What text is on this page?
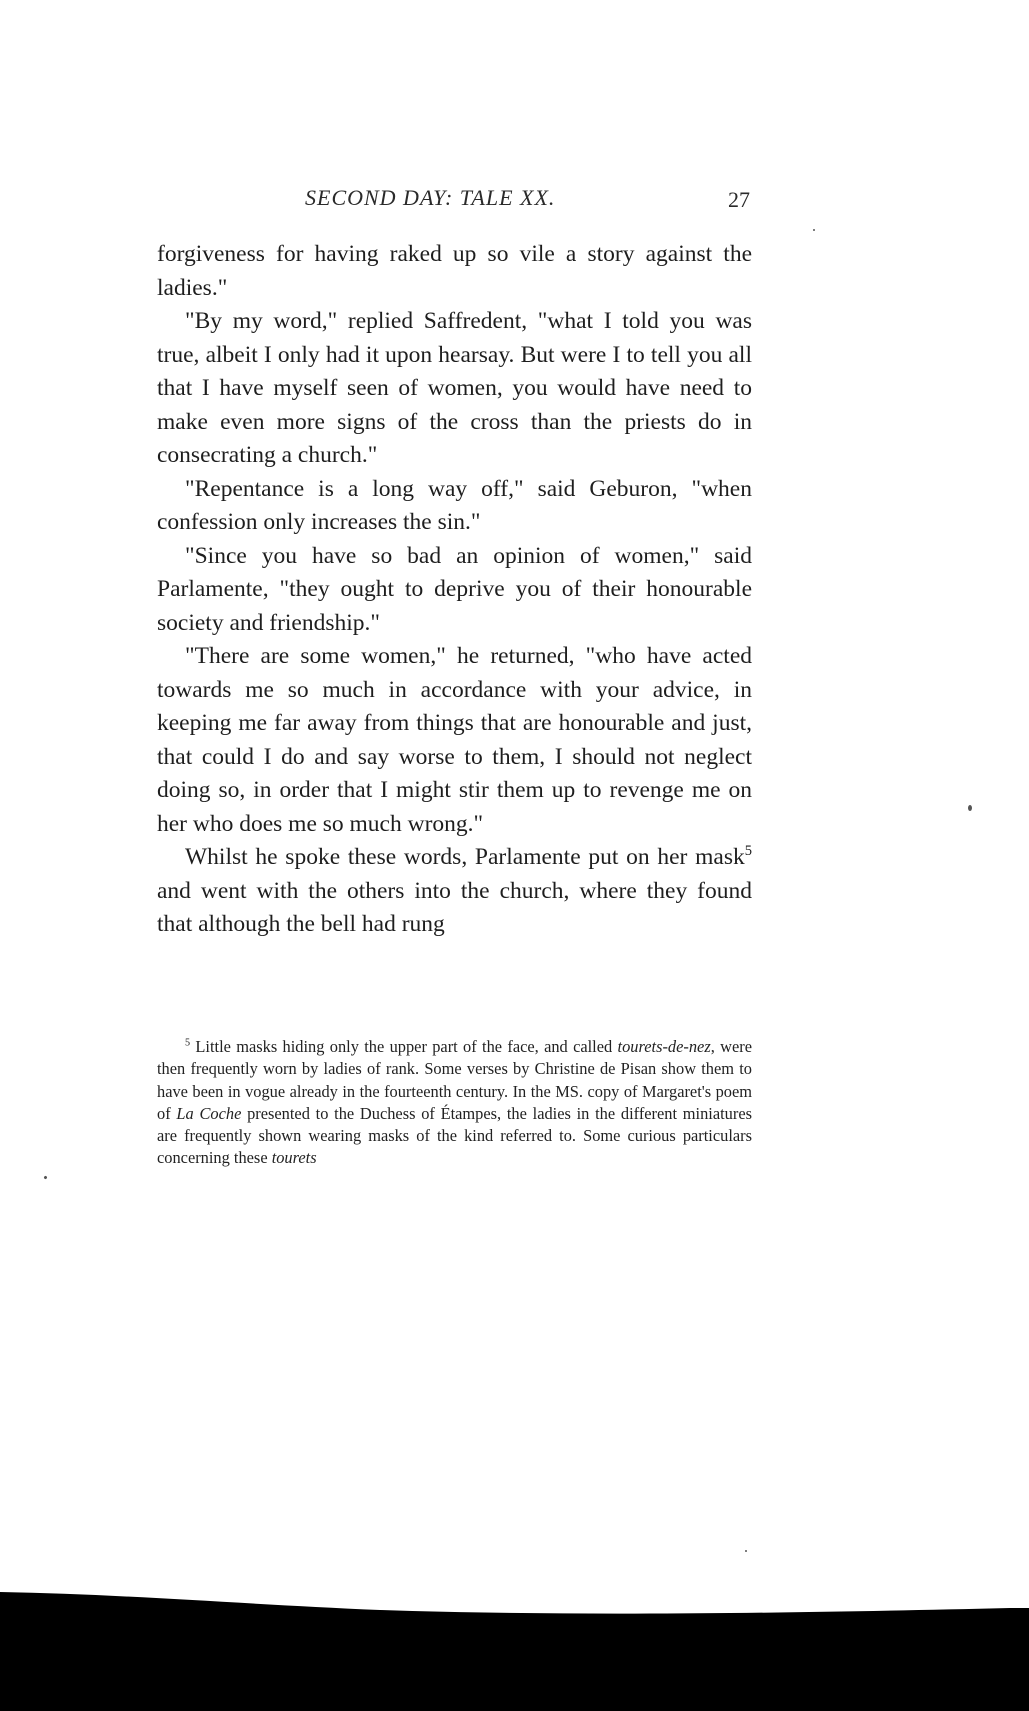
SECOND DAY: TALE XX.	27

forgiveness for having raked up so vile a story against the ladies."

"By my word," replied Saffredent, "what I told you was true, albeit I only had it upon hearsay. But were I to tell you all that I have myself seen of women, you would have need to make even more signs of the cross than the priests do in consecrating a church."

"Repentance is a long way off," said Geburon, "when confession only increases the sin."

"Since you have so bad an opinion of women," said Parlamente, "they ought to deprive you of their honourable society and friendship."

"There are some women," he returned, "who have acted towards me so much in accordance with your advice, in keeping me far away from things that are honourable and just, that could I do and say worse to them, I should not neglect doing so, in order that I might stir them up to revenge me on her who does me so much wrong."

Whilst he spoke these words, Parlamente put on her mask$^5$ and went with the others into the church, where they found that although the bell had rung

$^5$ Little masks hiding only the upper part of the face, and called tourets-de-nez, were then frequently worn by ladies of rank. Some verses by Christine de Pisan show them to have been in vogue already in the fourteenth century. In the MS. copy of Margaret's poem of La Coche presented to the Duchess of Étampes, the ladies in the different miniatures are frequently shown wearing masks of the kind referred to. Some curious particulars concerning these tourets
